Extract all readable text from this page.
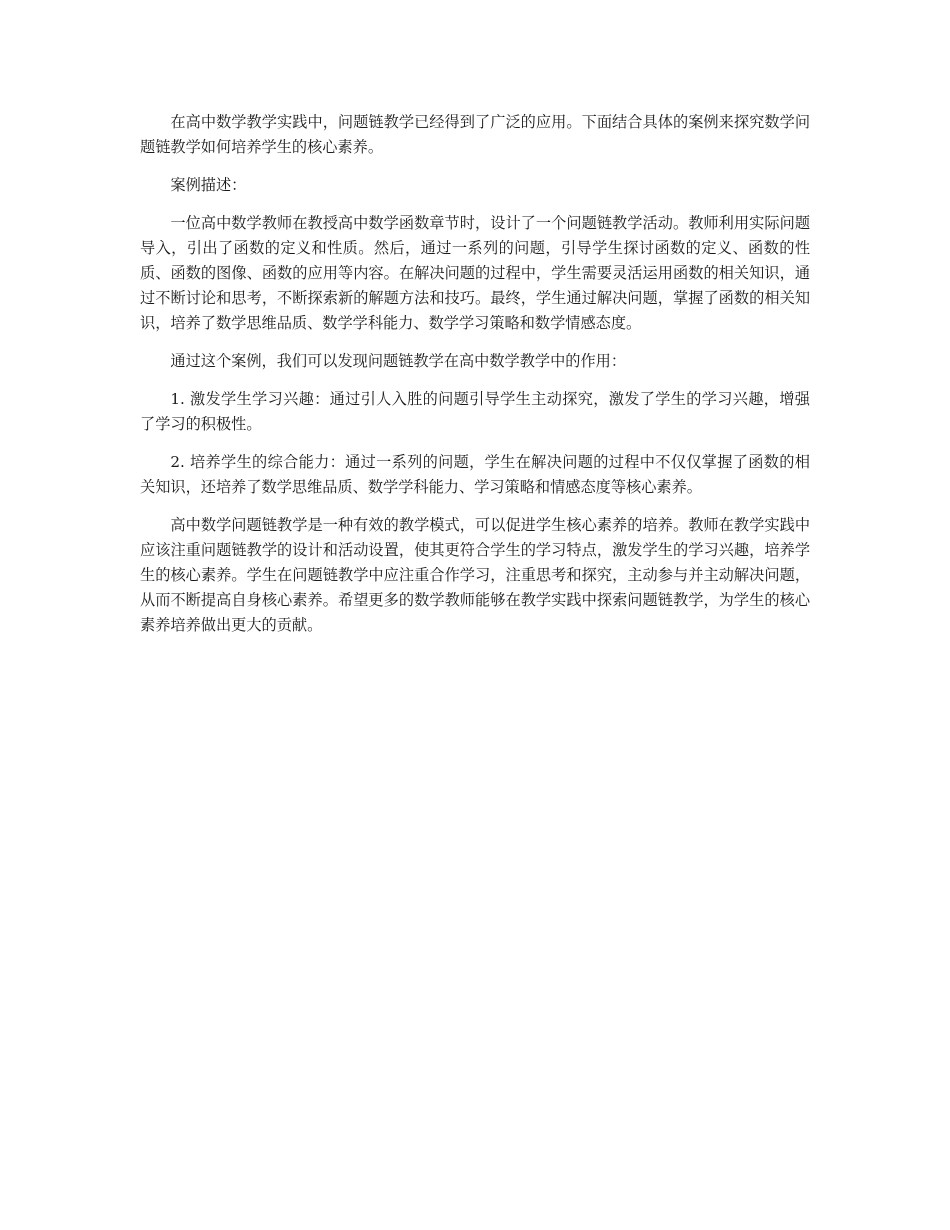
在高中数学教学实践中，问题链教学已经得到了广泛的应用。下面结合具体的案例来探究数学问题链教学如何培养学生的核心素养。

案例描述：

一位高中数学教师在教授高中数学函数章节时，设计了一个问题链教学活动。教师利用实际问题导入，引出了函数的定义和性质。然后，通过一系列的问题，引导学生探讨函数的定义、函数的性质、函数的图像、函数的应用等内容。在解决问题的过程中，学生需要灵活运用函数的相关知识，通过不断讨论和思考，不断探索新的解题方法和技巧。最终，学生通过解决问题，掌握了函数的相关知识，培养了数学思维品质、数学学科能力、数学学习策略和数学情感态度。

通过这个案例，我们可以发现问题链教学在高中数学教学中的作用：

1. 激发学生学习兴趣：通过引人入胜的问题引导学生主动探究，激发了学生的学习兴趣，增强了学习的积极性。

2. 培养学生的综合能力：通过一系列的问题，学生在解决问题的过程中不仅仅掌握了函数的相关知识，还培养了数学思维品质、数学学科能力、学习策略和情感态度等核心素养。

高中数学问题链教学是一种有效的教学模式，可以促进学生核心素养的培养。教师在教学实践中应该注重问题链教学的设计和活动设置，使其更符合学生的学习特点，激发学生的学习兴趣，培养学生的核心素养。学生在问题链教学中应注重合作学习，注重思考和探究，主动参与并主动解决问题，从而不断提高自身核心素养。希望更多的数学教师能够在教学实践中探索问题链教学，为学生的核心素养培养做出更大的贡献。
